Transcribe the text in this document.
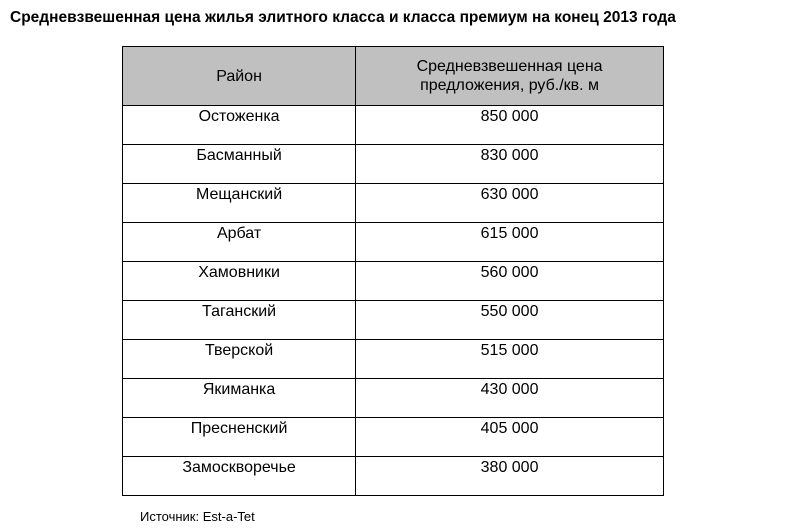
Средневзвешенная цена жилья элитного класса и класса премиум на конец 2013 года
Район	Средневзвешенная цена
предложения, руб./кв. м

Остоженка	850 000
Басманный	830 000
Мещанский	630 000
Арбат	615 000
Хамовники	560 000
Таганский	550 000
Тверской	515 000
Якиманка	430 000
Пресненский	405 000
Замоскворечье	380 000
Источник: Est-a-Tet
